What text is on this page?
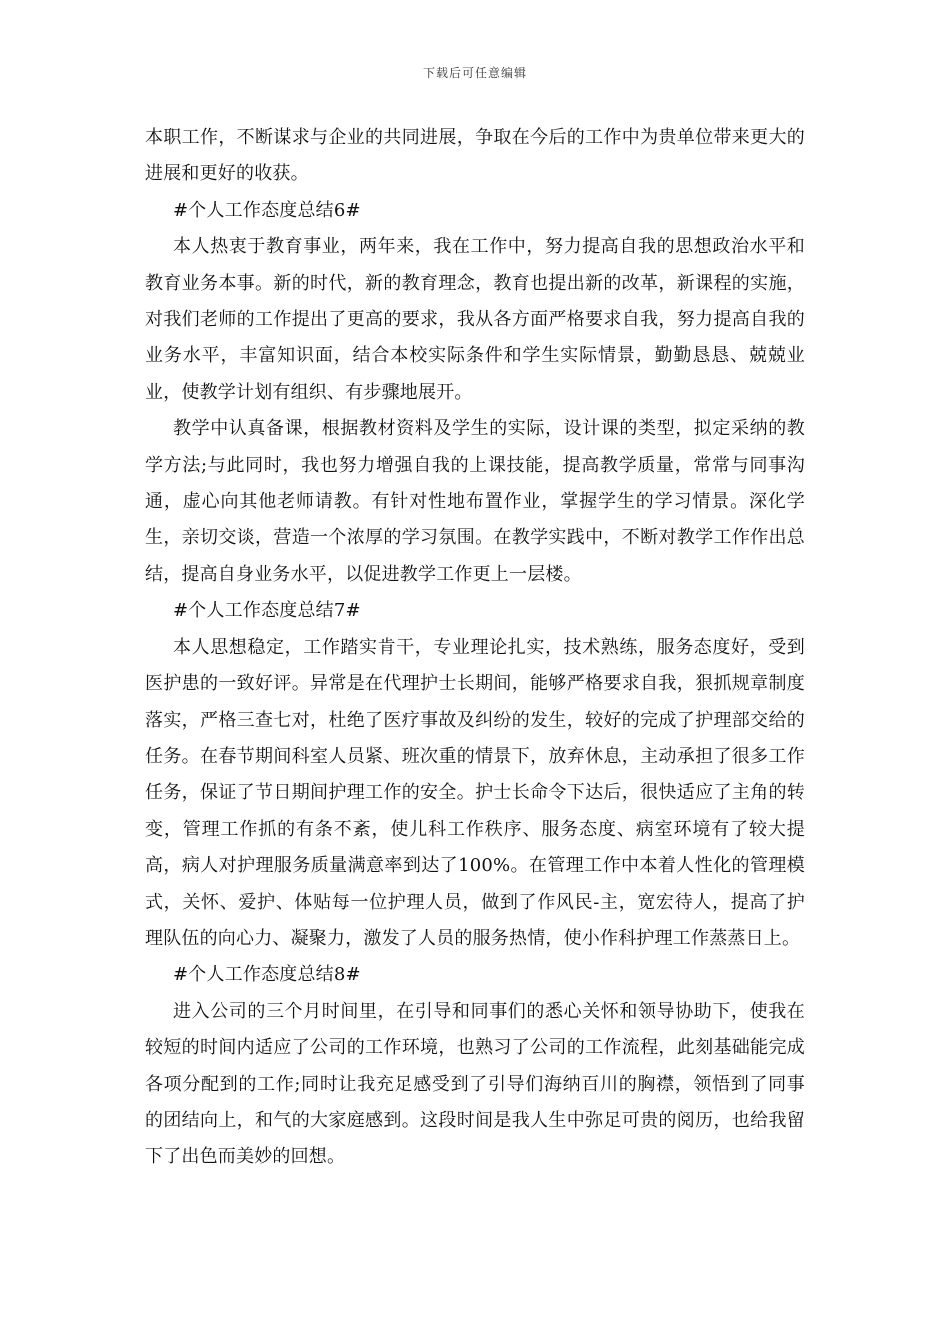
下载后可任意编辑

本职工作，不断谋求与企业的共同进展，争取在今后的工作中为贵单位带来更大的进展和更好的收获。

#个人工作态度总结6#

本人热衷于教育事业，两年来，我在工作中，努力提高自我的思想政治水平和教育业务本事。新的时代，新的教育理念，教育也提出新的改革，新课程的实施，对我们老师的工作提出了更高的要求，我从各方面严格要求自我，努力提高自我的业务水平，丰富知识面，结合本校实际条件和学生实际情景，勤勤恳恳、兢兢业业，使教学计划有组织、有步骤地展开。

教学中认真备课，根据教材资料及学生的实际，设计课的类型，拟定采纳的教学方法;与此同时，我也努力增强自我的上课技能，提高教学质量，常常与同事沟通，虚心向其他老师请教。有针对性地布置作业，掌握学生的学习情景。深化学生，亲切交谈，营造一个浓厚的学习氛围。在教学实践中，不断对教学工作作出总结，提高自身业务水平，以促进教学工作更上一层楼。

#个人工作态度总结7#

本人思想稳定，工作踏实肯干，专业理论扎实，技术熟练，服务态度好，受到医护患的一致好评。异常是在代理护士长期间，能够严格要求自我，狠抓规章制度落实，严格三查七对，杜绝了医疗事故及纠纷的发生，较好的完成了护理部交给的任务。在春节期间科室人员紧、班次重的情景下，放弃休息，主动承担了很多工作任务，保证了节日期间护理工作的安全。护士长命令下达后，很快适应了主角的转变，管理工作抓的有条不紊，使儿科工作秩序、服务态度、病室环境有了较大提高，病人对护理服务质量满意率到达了100%。在管理工作中本着人性化的管理模式，关怀、爱护、体贴每一位护理人员，做到了作风民-主，宽宏待人，提高了护理队伍的向心力、凝聚力，激发了人员的服务热情，使小作科护理工作蒸蒸日上。

#个人工作态度总结8#

进入公司的三个月时间里，在引导和同事们的悉心关怀和领导协助下，使我在较短的时间内适应了公司的工作环境，也熟习了公司的工作流程，此刻基础能完成各项分配到的工作;同时让我充足感受到了引导们海纳百川的胸襟，领悟到了同事的团结向上，和气的大家庭感到。这段时间是我人生中弥足可贵的阅历，也给我留下了出色而美妙的回想。
